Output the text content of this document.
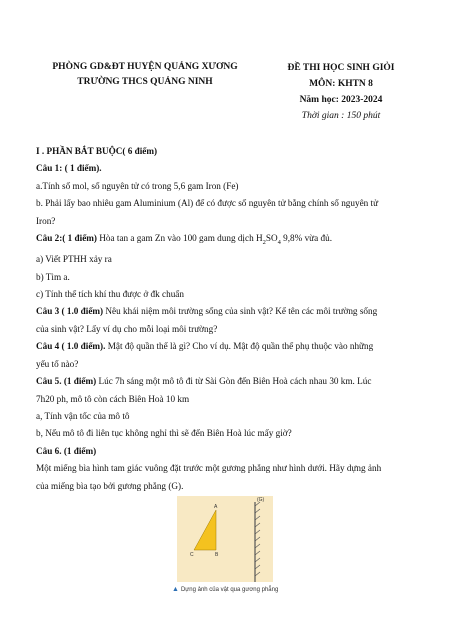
PHÒNG GD&ĐT HUYỆN QUẢNG XƯƠNG
TRƯỜNG THCS QUẢNG NINH
ĐỀ THI HỌC SINH GIỎI
MÔN: KHTN 8
Năm học: 2023-2024
Thời gian : 150 phút

I . PHẦN BẮT BUỘC( 6 điểm)

Câu 1: ( 1 điểm).

a.Tính số mol, số nguyên tử có trong 5,6 gam Iron (Fe)

b. Phải lấy bao nhiêu gam Aluminium (Al) để có được số nguyên tử bằng chính số nguyên tử

Iron?

Câu 2:( 1 điểm) Hòa tan a gam Zn vào 100 gam dung dịch $H_2SO_4$ 9,8% vừa đủ.

a) Viết PTHH xảy ra

b) Tìm a.

c) Tính thể tích khí thu được ở đk chuẩn

Câu 3 ( 1.0 điểm) Nêu khái niệm môi trường sống của sinh vật? Kể tên các môi trường sống

của sinh vật? Lấy ví dụ cho mỗi loại môi trường?

Câu 4 ( 1.0 điểm). Mật độ quần thể là gì? Cho ví dụ. Mật độ quần thể phụ thuộc vào những

yếu tố nào?

Câu 5. (1 điểm) Lúc 7h sáng một mô tô đi từ Sài Gòn đến Biên Hoà cách nhau 30 km. Lúc

7h20 ph, mô tô còn cách Biên Hoà 10 km

a, Tính vận tốc của mô tô

b, Nếu mô tô đi liên tục không nghỉ thì sẽ đến Biên Hoà lúc mấy giờ?

Câu 6. (1 điểm)

Một miếng bìa hình tam giác vuông đặt trước một gương phẳng như hình dưới. Hãy dựng ảnh

của miếng bìa tạo bởi gương phẳng (G).

(G)
A
B
C
▲ Dựng ảnh của vật qua gương phẳng
